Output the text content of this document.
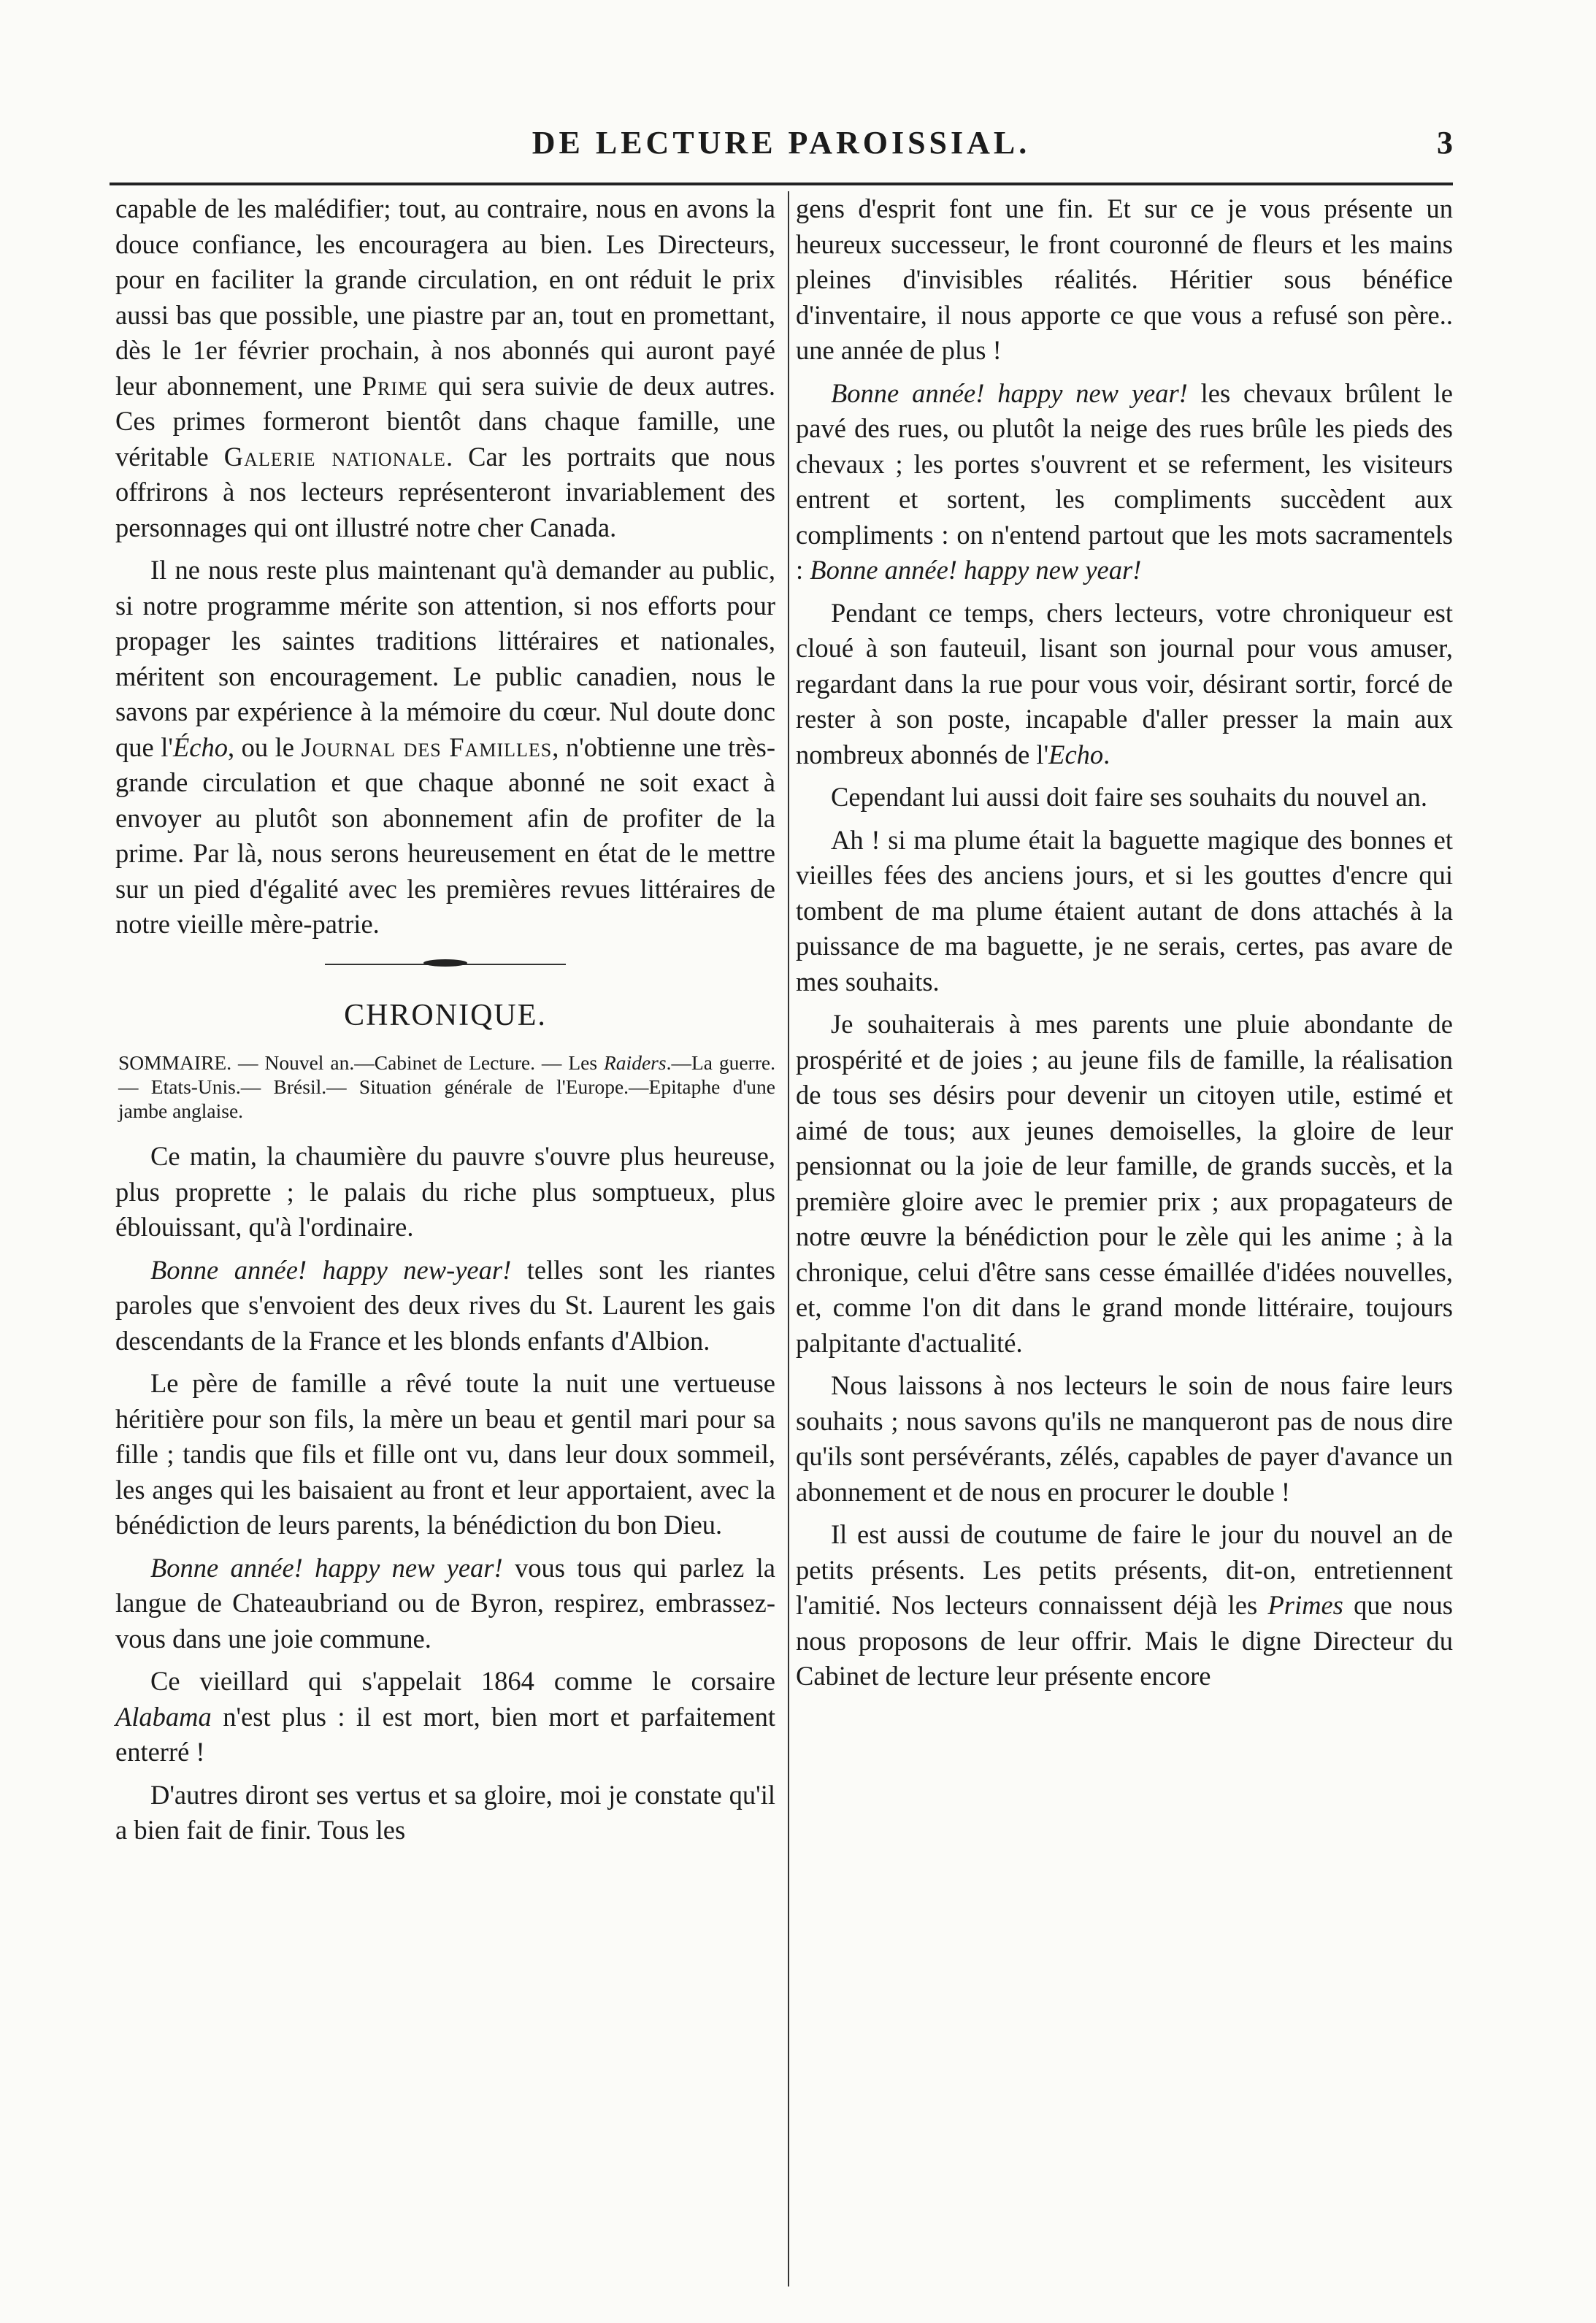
DE LECTURE PAROISSIAL.	3

capable de les malédifier; tout, au contraire, nous en avons la douce confiance, les encouragera au bien. Les Directeurs, pour en faciliter la grande circulation, en ont réduit le prix aussi bas que possible, une piastre par an, tout en promettant, dès le 1er février prochain, à nos abonnés qui auront payé leur abonnement, une Prime qui sera suivie de deux autres. Ces primes formeront bientôt dans chaque famille, une véritable Galerie nationale. Car les portraits que nous offrirons à nos lecteurs représenteront invariablement des personnages qui ont illustré notre cher Canada.

Il ne nous reste plus maintenant qu'à demander au public, si notre programme mérite son attention, si nos efforts pour propager les saintes traditions littéraires et nationales, méritent son encouragement. Le public canadien, nous le savons par expérience à la mémoire du cœur. Nul doute donc que l'Écho, ou le Journal des Familles, n'obtienne une très-grande circulation et que chaque abonné ne soit exact à envoyer au plutôt son abonnement afin de profiter de la prime. Par là, nous serons heureusement en état de le mettre sur un pied d'égalité avec les premières revues littéraires de notre vieille mère-patrie.

CHRONIQUE.
SOMMAIRE. — Nouvel an.—Cabinet de Lecture. — Les Raiders.—La guerre.— Etats-Unis.— Brésil.— Situation générale de l'Europe.—Epitaphe d'une jambe anglaise.

Ce matin, la chaumière du pauvre s'ouvre plus heureuse, plus proprette ; le palais du riche plus somptueux, plus éblouissant, qu'à l'ordinaire.

Bonne année! happy new-year! telles sont les riantes paroles que s'envoient des deux rives du St. Laurent les gais descendants de la France et les blonds enfants d'Albion.

Le père de famille a rêvé toute la nuit une vertueuse héritière pour son fils, la mère un beau et gentil mari pour sa fille ; tandis que fils et fille ont vu, dans leur doux sommeil, les anges qui les baisaient au front et leur apportaient, avec la bénédiction de leurs parents, la bénédiction du bon Dieu.

Bonne année! happy new year! vous tous qui parlez la langue de Chateaubriand ou de Byron, respirez, embrassez-vous dans une joie commune.

Ce vieillard qui s'appelait 1864 comme le corsaire Alabama n'est plus : il est mort, bien mort et parfaitement enterré !

D'autres diront ses vertus et sa gloire, moi je constate qu'il a bien fait de finir. Tous les

gens d'esprit font une fin. Et sur ce je vous présente un heureux successeur, le front couronné de fleurs et les mains pleines d'invisibles réalités. Héritier sous bénéfice d'inventaire, il nous apporte ce que vous a refusé son père.. une année de plus !

Bonne année! happy new year! les chevaux brûlent le pavé des rues, ou plutôt la neige des rues brûle les pieds des chevaux ; les portes s'ouvrent et se referment, les visiteurs entrent et sortent, les compliments succèdent aux compliments : on n'entend partout que les mots sacramentels : Bonne année! happy new year!

Pendant ce temps, chers lecteurs, votre chroniqueur est cloué à son fauteuil, lisant son journal pour vous amuser, regardant dans la rue pour vous voir, désirant sortir, forcé de rester à son poste, incapable d'aller presser la main aux nombreux abonnés de l'Echo.

Cependant lui aussi doit faire ses souhaits du nouvel an.

Ah ! si ma plume était la baguette magique des bonnes et vieilles fées des anciens jours, et si les gouttes d'encre qui tombent de ma plume étaient autant de dons attachés à la puissance de ma baguette, je ne serais, certes, pas avare de mes souhaits.

Je souhaiterais à mes parents une pluie abondante de prospérité et de joies ; au jeune fils de famille, la réalisation de tous ses désirs pour devenir un citoyen utile, estimé et aimé de tous; aux jeunes demoiselles, la gloire de leur pensionnat ou la joie de leur famille, de grands succès, et la première gloire avec le premier prix ; aux propagateurs de notre œuvre la bénédiction pour le zèle qui les anime ; à la chronique, celui d'être sans cesse émaillée d'idées nouvelles, et, comme l'on dit dans le grand monde littéraire, toujours palpitante d'actualité.

Nous laissons à nos lecteurs le soin de nous faire leurs souhaits ; nous savons qu'ils ne manqueront pas de nous dire qu'ils sont persévérants, zélés, capables de payer d'avance un abonnement et de nous en procurer le double !

Il est aussi de coutume de faire le jour du nouvel an de petits présents. Les petits présents, dit-on, entretiennent l'amitié. Nos lecteurs connaissent déjà les Primes que nous nous proposons de leur offrir. Mais le digne Directeur du Cabinet de lecture leur présente encore
